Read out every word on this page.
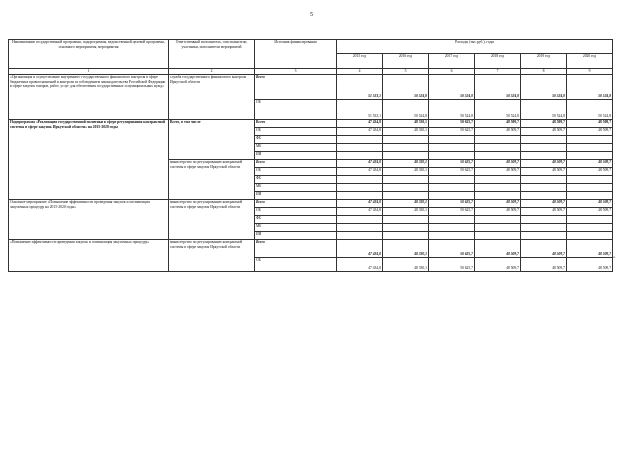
5
Наименование государственной программы, подпрограммы, ведомственной целевой программы, основного мероприятия, мероприятия	Ответственный исполнитель, соисполнители, участники, исполнители мероприятий	Источник финансирования	Расходы (тыс.руб.), годы					
			2015 год	2016 год	2017 год	2018 год	2019 год	2020 год
1	2	3	4	5	6	7	8	9
«Организация и осуществление внутреннего государственного финансового контроля в сфере бюджетных правоотношений и контроля за соблюдением законодательства Российской Федерации в сфере закупок товаров, работ, услуг для обеспечения государственных и муниципальных нужд»	служба государственного финансового контроля Иркутской области	Всего	51 533,1	50 524,8	50 524,8	50 524,8	50 524,8	50 524,8
		ОБ	51 533,1	50 524,8	50 524,8	50 524,8	50 524,8	50 524,8
Подпрограмма «Реализация государственной политики в сфере регулирования контрактной системы в сфере закупок Иркутской области» на 2015-2020 годы	Всего, в том числе	Всего	47 434,8	48 330,1	50 625,7	48 509,7	48 509,7	48 509,7
		ОБ	47 434,8	48 330,1	50 625,7	48 509,7	48 509,7	48 509,7
		ФБ						
		МБ						
		ИИ						
	министерство по регулированию контрактной системы в сфере закупок Иркутской области	Всего	47 434,8	48 330,1	50 625,7	48 509,7	48 509,7	48 509,7
		ОБ	47 434,8	48 330,1	50 625,7	48 509,7	48 509,7	48 509,7
		ФБ						
		МБ						
		ИИ						
Основное мероприятие «Повышение эффективности проведения закупок и оптимизация закупочных процедур на 2015-2020 годы»	министерство по регулированию контрактной системы в сфере закупок Иркутской области	Всего	47 434,8	48 330,1	50 625,7	48 509,7	48 509,7	48 509,7
		ОБ	47 434,8	48 330,1	50 625,7	48 509,7	48 509,7	48 509,7
		ФБ						
		МБ						
		ИИ						
«Повышение эффективности проведения закупок и оптимизация закупочных процедур»	министерство по регулированию контрактной системы в сфере закупок Иркутской области	Всего	47 434,8	48 330,1	50 625,7	48 509,7	48 509,7	48 509,7
		ОБ	47 434,8	48 330,1	50 625,7	48 509,7	48 509,7	48 509,7
».
